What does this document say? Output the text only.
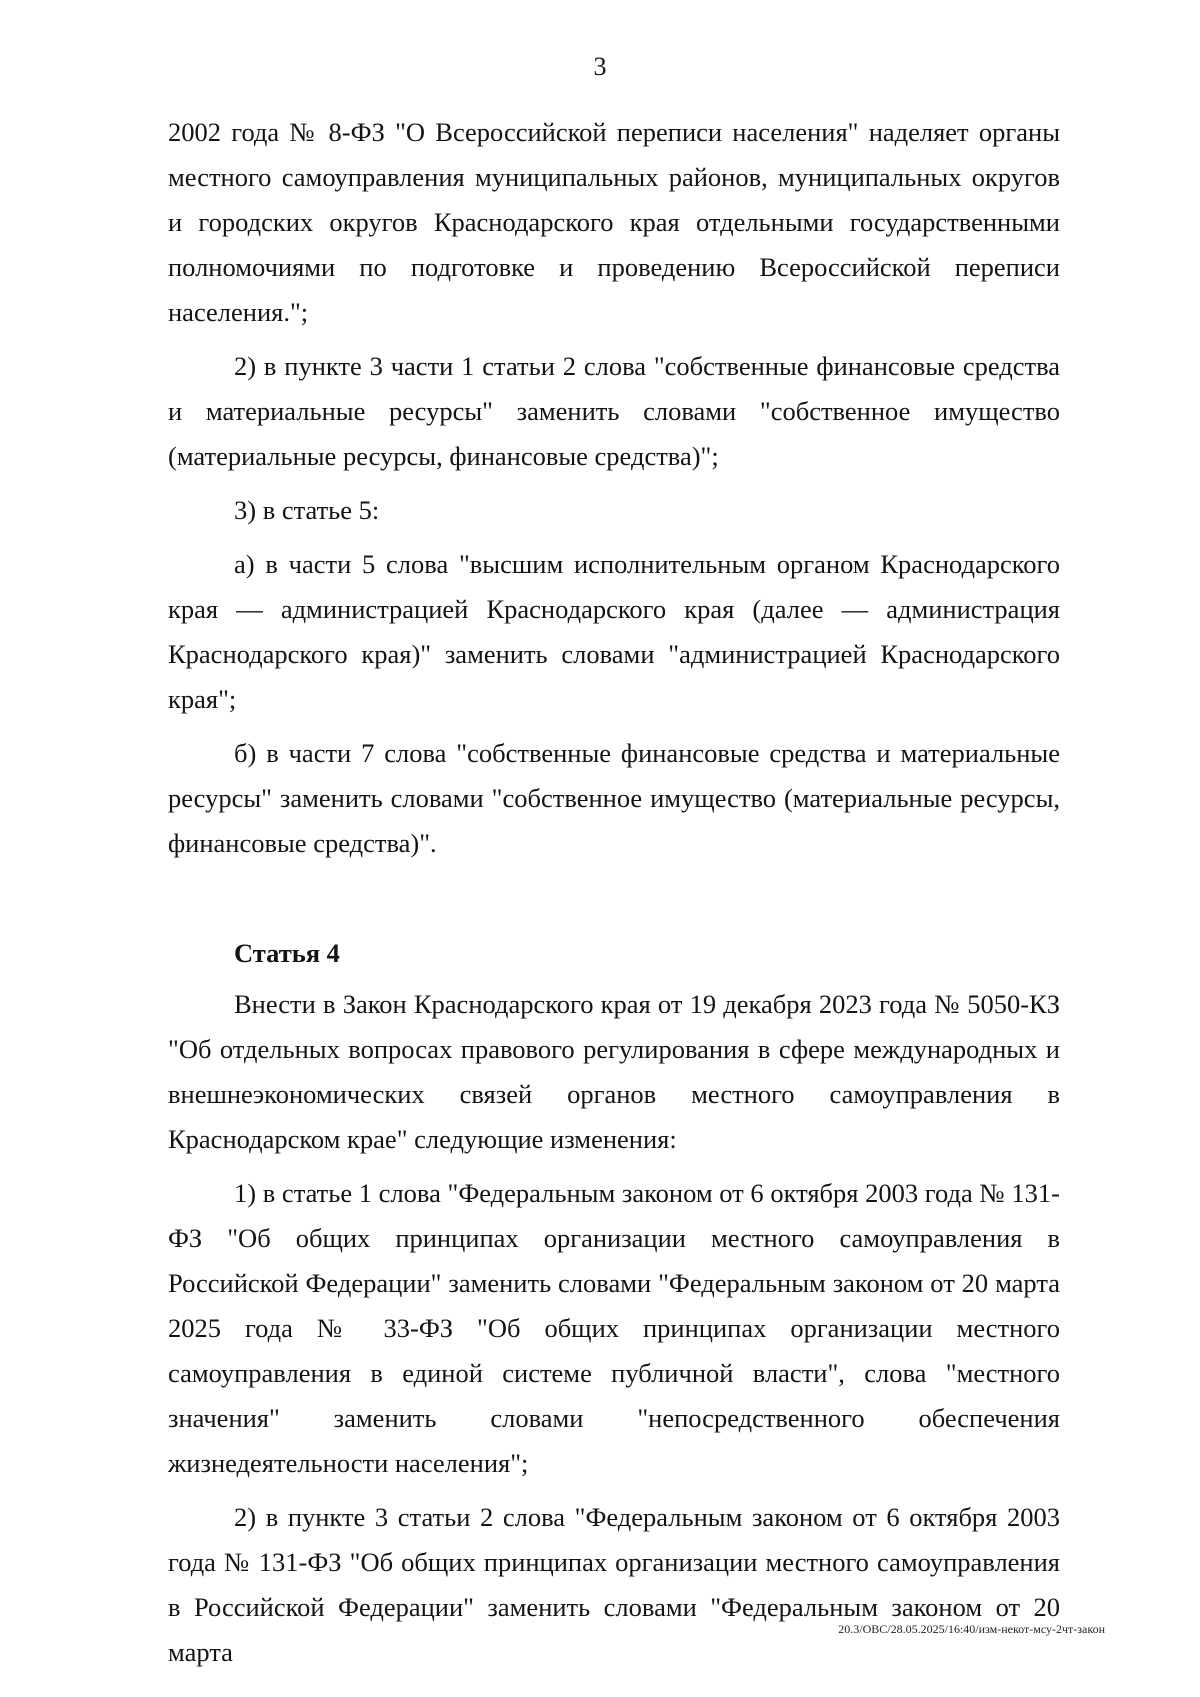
3

2002 года № 8-ФЗ "О Всероссийской переписи населения" наделяет органы местного самоуправления муниципальных районов, муниципальных округов и городских округов Краснодарского края отдельными государственными полномочиями по подготовке и проведению Всероссийской переписи населения.";

2) в пункте 3 части 1 статьи 2 слова "собственные финансовые средства и материальные ресурсы" заменить словами "собственное имущество (материальные ресурсы, финансовые средства)";

3) в статье 5:

а) в части 5 слова "высшим исполнительным органом Краснодарского края — администрацией Краснодарского края (далее — администрация Краснодарского края)" заменить словами "администрацией Краснодарского края";

б) в части 7 слова "собственные финансовые средства и материальные ресурсы" заменить словами "собственное имущество (материальные ресурсы, финансовые средства)".

Статья 4

Внести в Закон Краснодарского края от 19 декабря 2023 года № 5050-КЗ "Об отдельных вопросах правового регулирования в сфере международных и внешнеэкономических связей органов местного самоуправления в Краснодарском крае" следующие изменения:

1) в статье 1 слова "Федеральным законом от 6 октября 2003 года № 131-ФЗ "Об общих принципах организации местного самоуправления в Российской Федерации" заменить словами "Федеральным законом от 20 марта 2025 года № 33-ФЗ "Об общих принципах организации местного самоуправления в единой системе публичной власти", слова "местного значения" заменить словами "непосредственного обеспечения жизнедеятельности населения";

2) в пункте 3 статьи 2 слова "Федеральным законом от 6 октября 2003 года № 131-ФЗ "Об общих принципах организации местного самоуправления в Российской Федерации" заменить словами "Федеральным законом от 20 марта

20.3/ОВС/28.05.2025/16:40/изм-некот-мсу-2чт-закон
